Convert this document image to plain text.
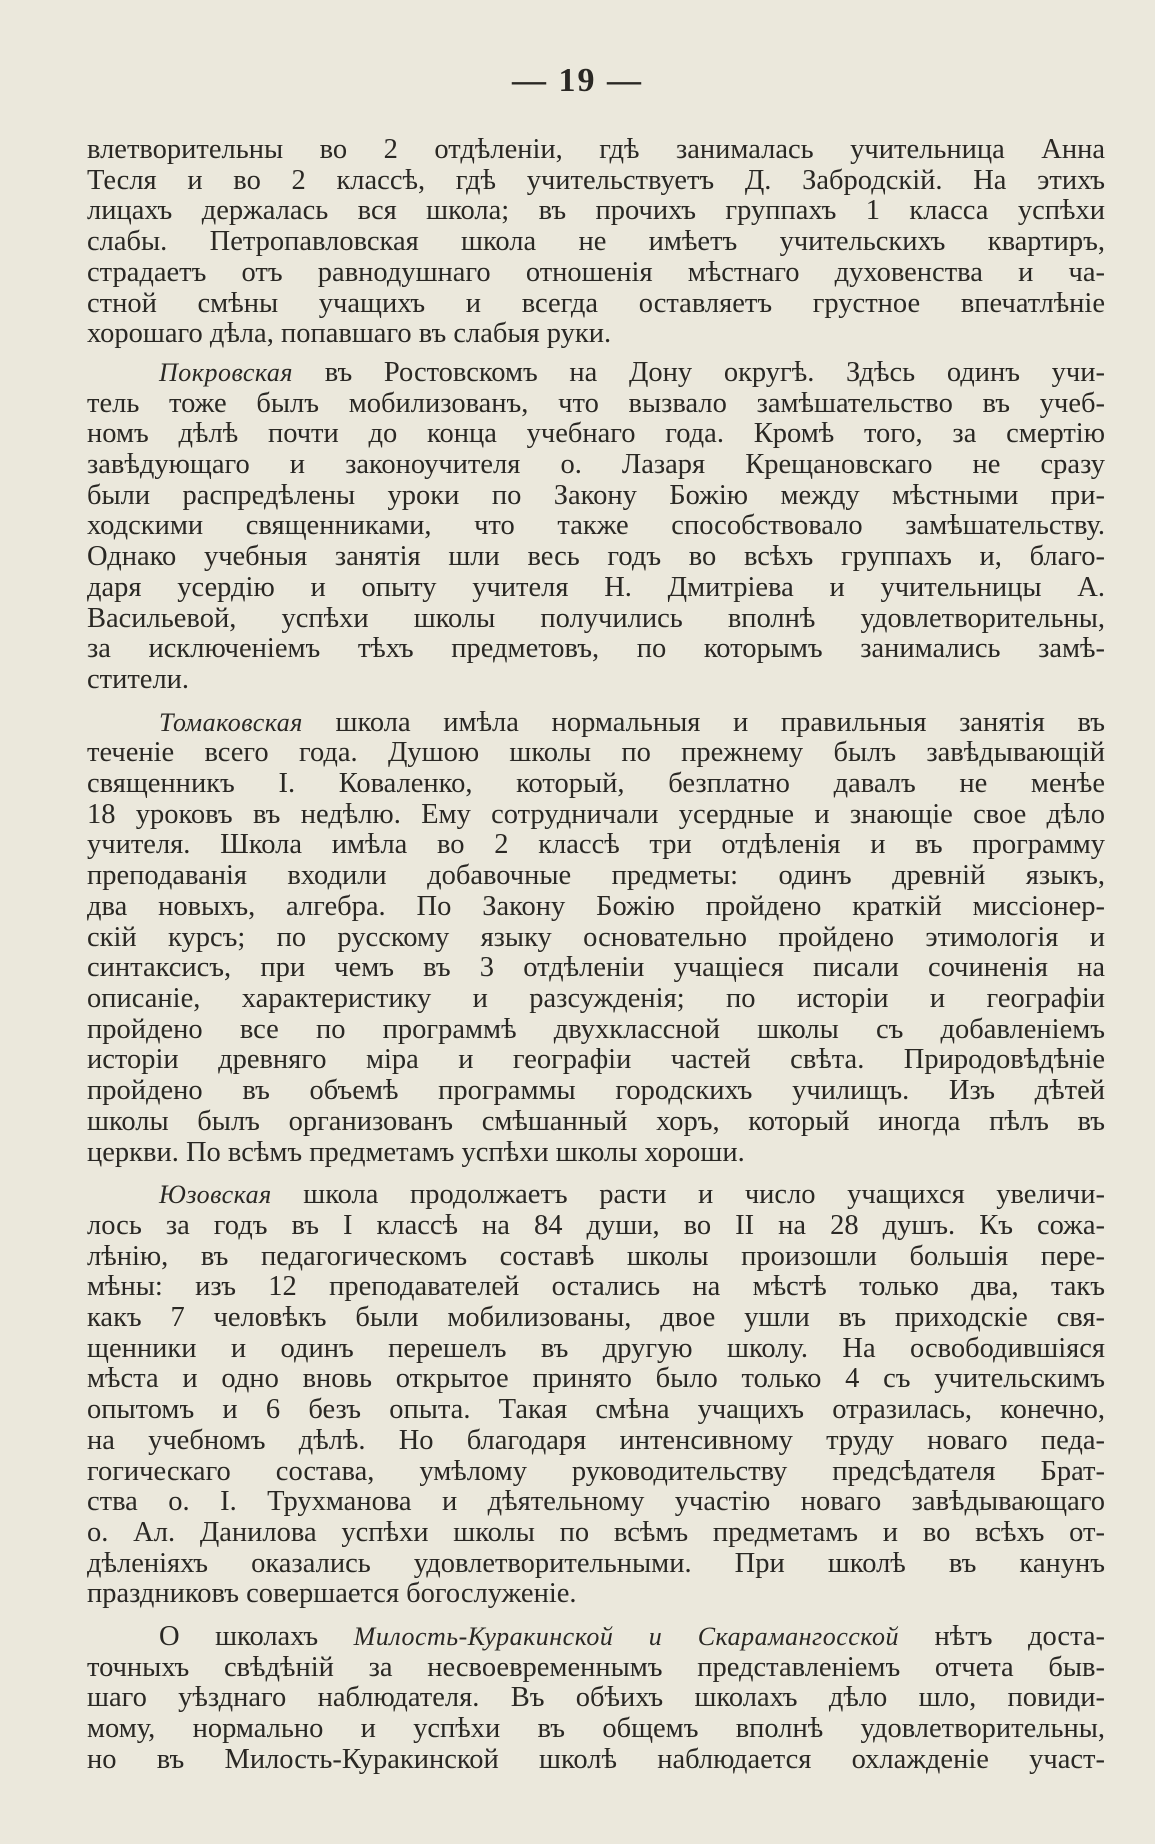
— 19 —

влетворительны во 2 отдѣленіи, гдѣ занималась учительница Анна
Тесля и во 2 классѣ, гдѣ учительствуетъ Д. Забродскій. На этихъ
лицахъ держалась вся школа; въ прочихъ группахъ 1 класса успѣхи
слабы. Петропавловская школа не имѣетъ учительскихъ квартиръ,
страдаетъ отъ равнодушнаго отношенія мѣстнаго духовенства и ча-
стной смѣны учащихъ и всегда оставляетъ грустное впечатлѣніе
хорошаго дѣла, попавшаго въ слабыя руки.

Покровская въ Ростовскомъ на Дону округѣ. Здѣсь одинъ учи-
тель тоже былъ мобилизованъ, что вызвало замѣшательство въ учеб-
номъ дѣлѣ почти до конца учебнаго года. Кромѣ того, за смертію
завѣдующаго и законоучителя о. Лазаря Крещановскаго не сразу
были распредѣлены уроки по Закону Божію между мѣстными при-
ходскими священниками, что также способствовало замѣшательству.
Однако учебныя занятія шли весь годъ во всѣхъ группахъ и, благо-
даря усердію и опыту учителя Н. Дмитріева и учительницы А.
Васильевой, успѣхи школы получились вполнѣ удовлетворительны,
за исключеніемъ тѣхъ предметовъ, по которымъ занимались замѣ-
стители.

Томаковская школа имѣла нормальныя и правильныя занятія въ
теченіе всего года. Душою школы по прежнему былъ завѣдывающій
священникъ І. Коваленко, который, безплатно давалъ не менѣе
18 уроковъ въ недѣлю. Ему сотрудничали усердные и знающіе свое дѣло
учителя. Школа имѣла во 2 классѣ три отдѣленія и въ программу
преподаванія входили добавочные предметы: одинъ древній языкъ,
два новыхъ, алгебра. По Закону Божію пройдено краткій миссіонер-
скій курсъ; по русскому языку основательно пройдено этимологія и
синтаксисъ, при чемъ въ 3 отдѣленіи учащіеся писали сочиненія на
описаніе, характеристику и разсужденія; по исторіи и географіи
пройдено все по программѣ двухклассной школы съ добавленіемъ
исторіи древняго міра и географіи частей свѣта. Природовѣдѣніе
пройдено въ объемѣ программы городскихъ училищъ. Изъ дѣтей
школы былъ организованъ смѣшанный хоръ, который иногда пѣлъ въ
церкви. По всѣмъ предметамъ успѣхи школы хороши.

Юзовская школа продолжаетъ расти и число учащихся увеличи-
лось за годъ въ I классѣ на 84 души, во II на 28 душъ. Къ сожа-
лѣнію, въ педагогическомъ составѣ школы произошли большія пере-
мѣны: изъ 12 преподавателей остались на мѣстѣ только два, такъ
какъ 7 человѣкъ были мобилизованы, двое ушли въ приходскіе свя-
щенники и одинъ перешелъ въ другую школу. На освободившіяся
мѣста и одно вновь открытое принято было только 4 съ учительскимъ
опытомъ и 6 безъ опыта. Такая смѣна учащихъ отразилась, конечно,
на учебномъ дѣлѣ. Но благодаря интенсивному труду новаго педа-
гогическаго состава, умѣлому руководительству предсѣдателя Брат-
ства о. І. Трухманова и дѣятельному участію новаго завѣдывающаго
о. Ал. Данилова успѣхи школы по всѣмъ предметамъ и во всѣхъ от-
дѣленіяхъ оказались удовлетворительными. При школѣ въ канунъ
праздниковъ совершается богослуженіе.

О школахъ Милость-Куракинской и Скарамангосской нѣтъ доста-
точныхъ свѣдѣній за несвоевременнымъ представленіемъ отчета быв-
шаго уѣзднаго наблюдателя. Въ обѣихъ школахъ дѣло шло, повиди-
мому, нормально и успѣхи въ общемъ вполнѣ удовлетворительны,
но въ Милость-Куракинской школѣ наблюдается охлажденіе участ-
